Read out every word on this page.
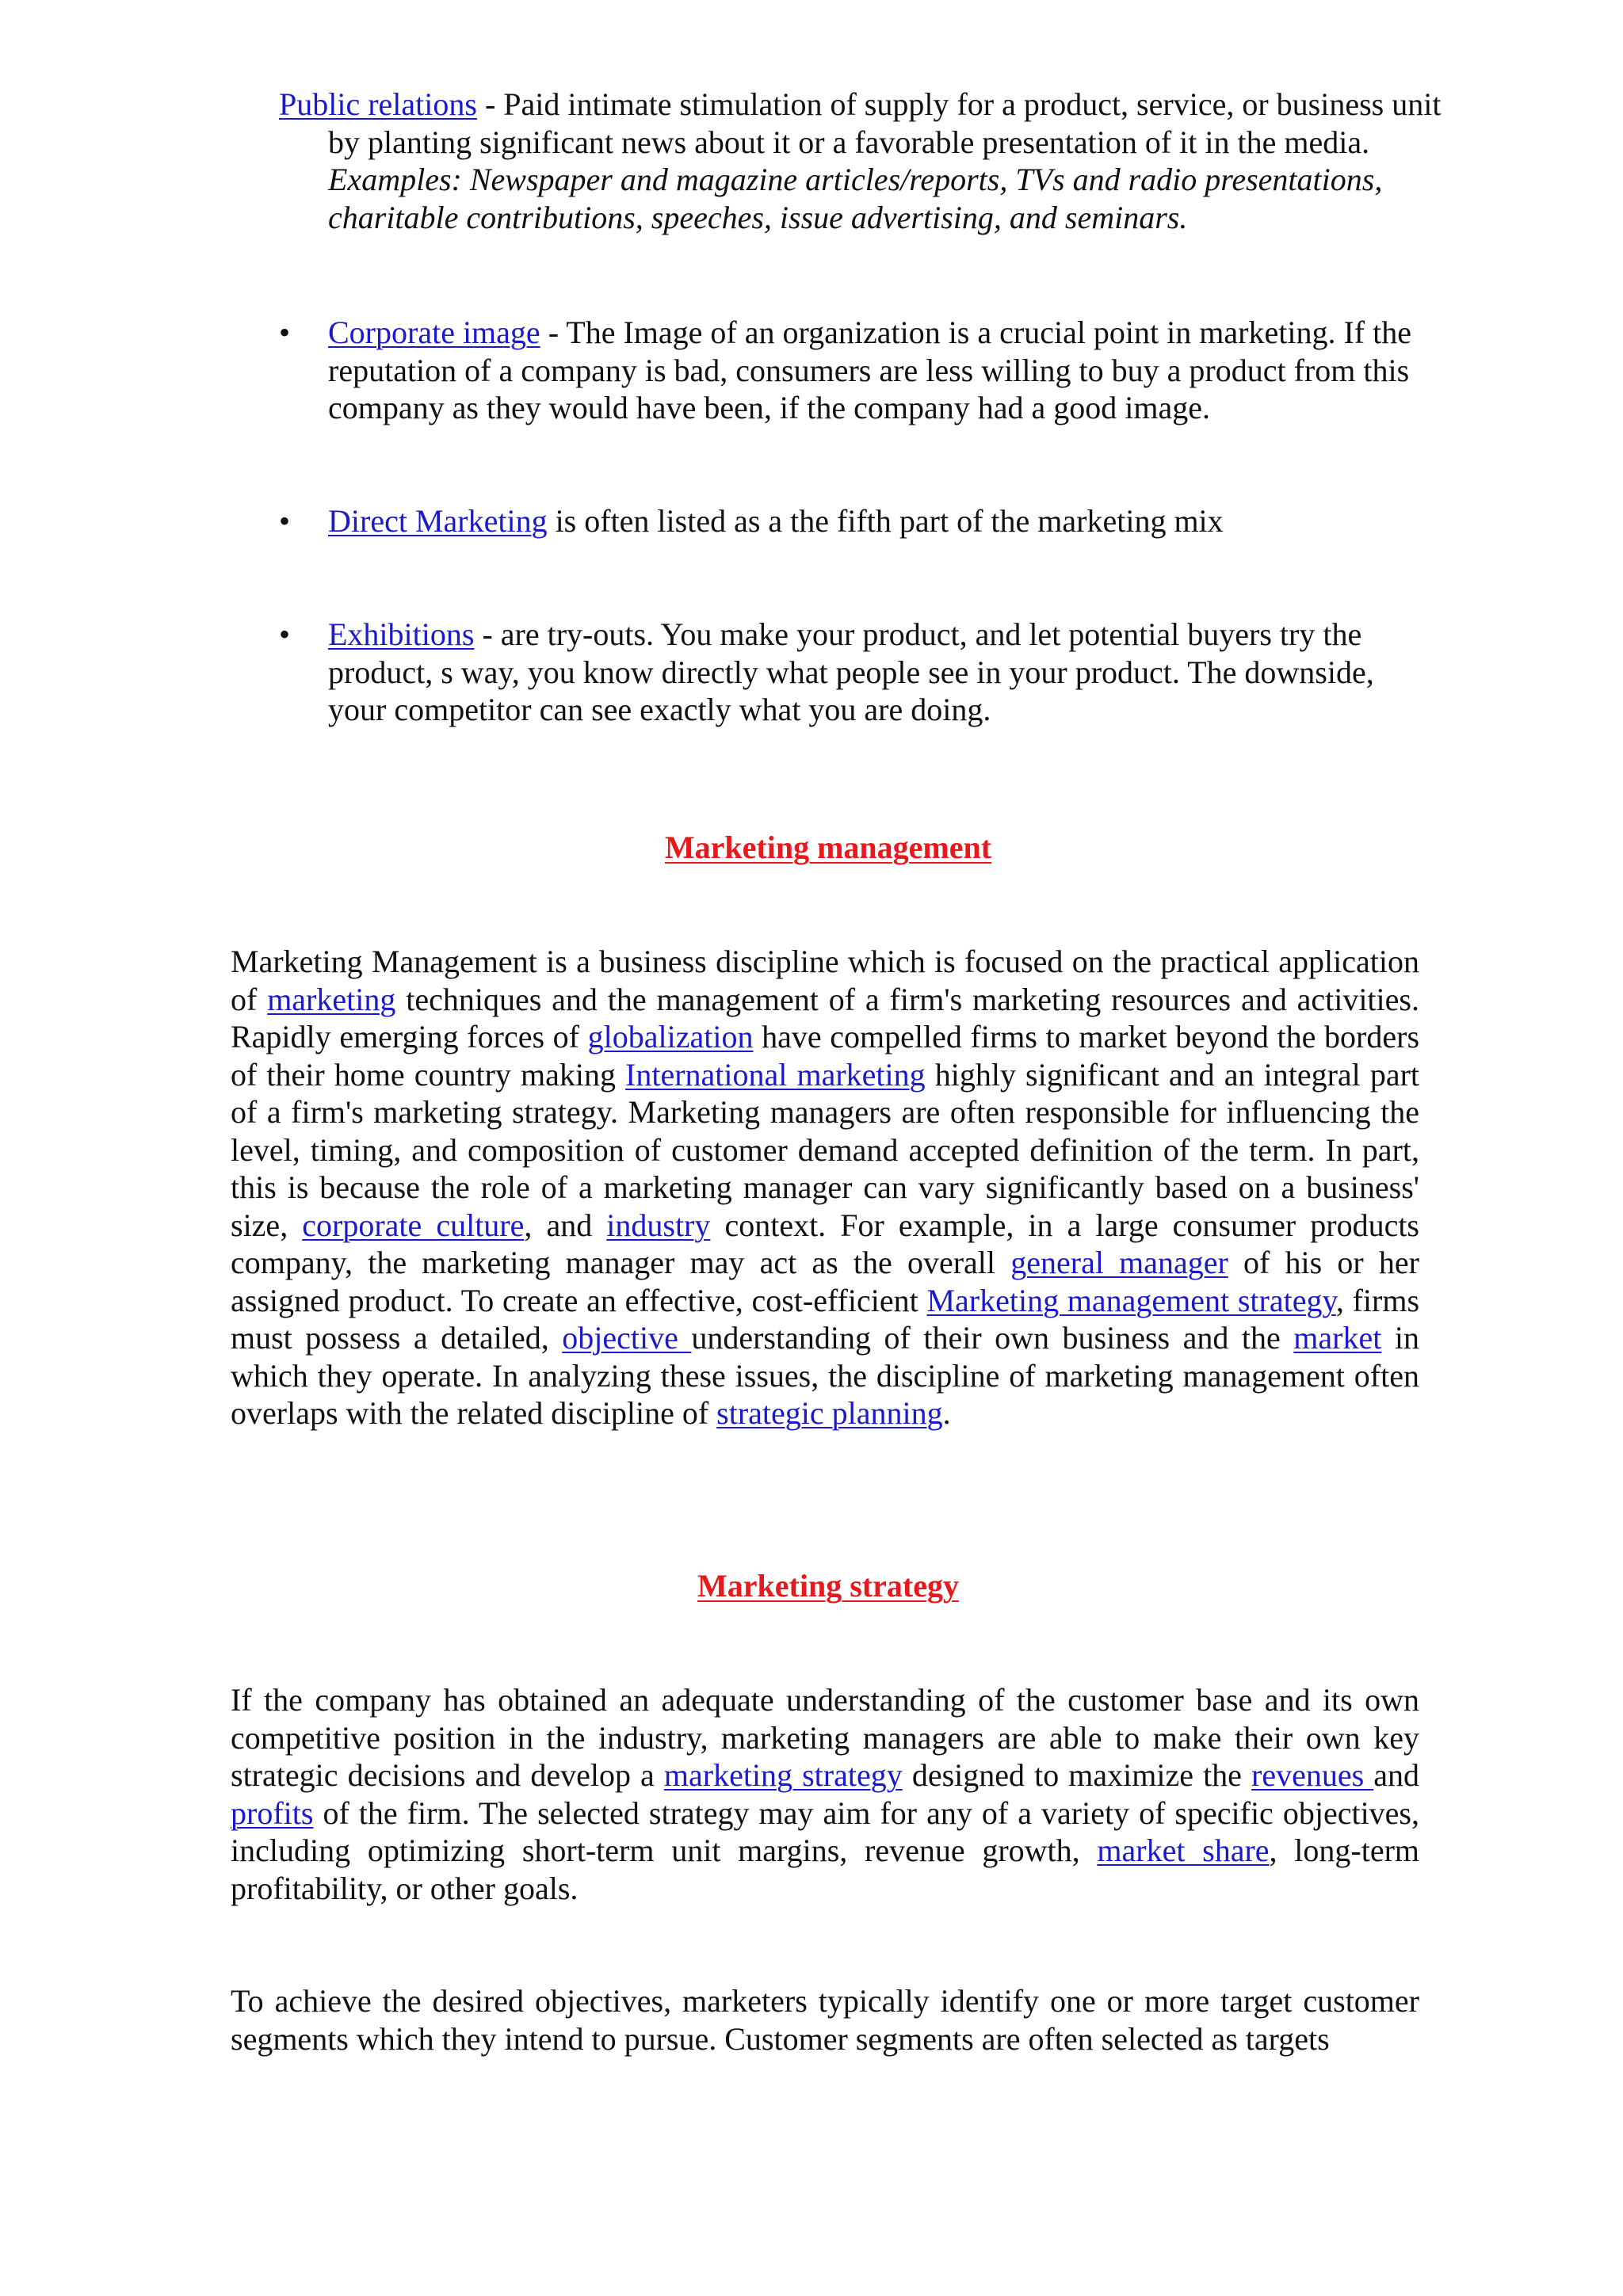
Public relations - Paid intimate stimulation of supply for a product, service, or business unit by planting significant news about it or a favorable presentation of it in the media. Examples: Newspaper and magazine articles/reports, TVs and radio presentations, charitable contributions, speeches, issue advertising, and seminars.
• Corporate image - The Image of an organization is a crucial point in marketing. If the reputation of a company is bad, consumers are less willing to buy a product from this company as they would have been, if the company had a good image.
• Direct Marketing is often listed as a the fifth part of the marketing mix
• Exhibitions - are try-outs. You make your product, and let potential buyers try the product, s way, you know directly what people see in your product. The downside, your competitor can see exactly what you are doing.
Marketing management
Marketing Management is a business discipline which is focused on the practical application of marketing techniques and the management of a firm's marketing resources and activities. Rapidly emerging forces of globalization have compelled firms to market beyond the borders of their home country making International marketing highly significant and an integral part of a firm's marketing strategy. Marketing managers are often responsible for influencing the level, timing, and composition of customer demand accepted definition of the term. In part, this is because the role of a marketing manager can vary significantly based on a business' size, corporate culture, and industry context. For example, in a large consumer products company, the marketing manager may act as the overall general manager of his or her assigned product. To create an effective, cost-efficient Marketing management strategy, firms must possess a detailed, objective understanding of their own business and the market in which they operate. In analyzing these issues, the discipline of marketing management often overlaps with the related discipline of strategic planning.
Marketing strategy
If the company has obtained an adequate understanding of the customer base and its own competitive position in the industry, marketing managers are able to make their own key strategic decisions and develop a marketing strategy designed to maximize the revenues and profits of the firm. The selected strategy may aim for any of a variety of specific objectives, including optimizing short-term unit margins, revenue growth, market share, long-term profitability, or other goals.
To achieve the desired objectives, marketers typically identify one or more target customer segments which they intend to pursue. Customer segments are often selected as targets
